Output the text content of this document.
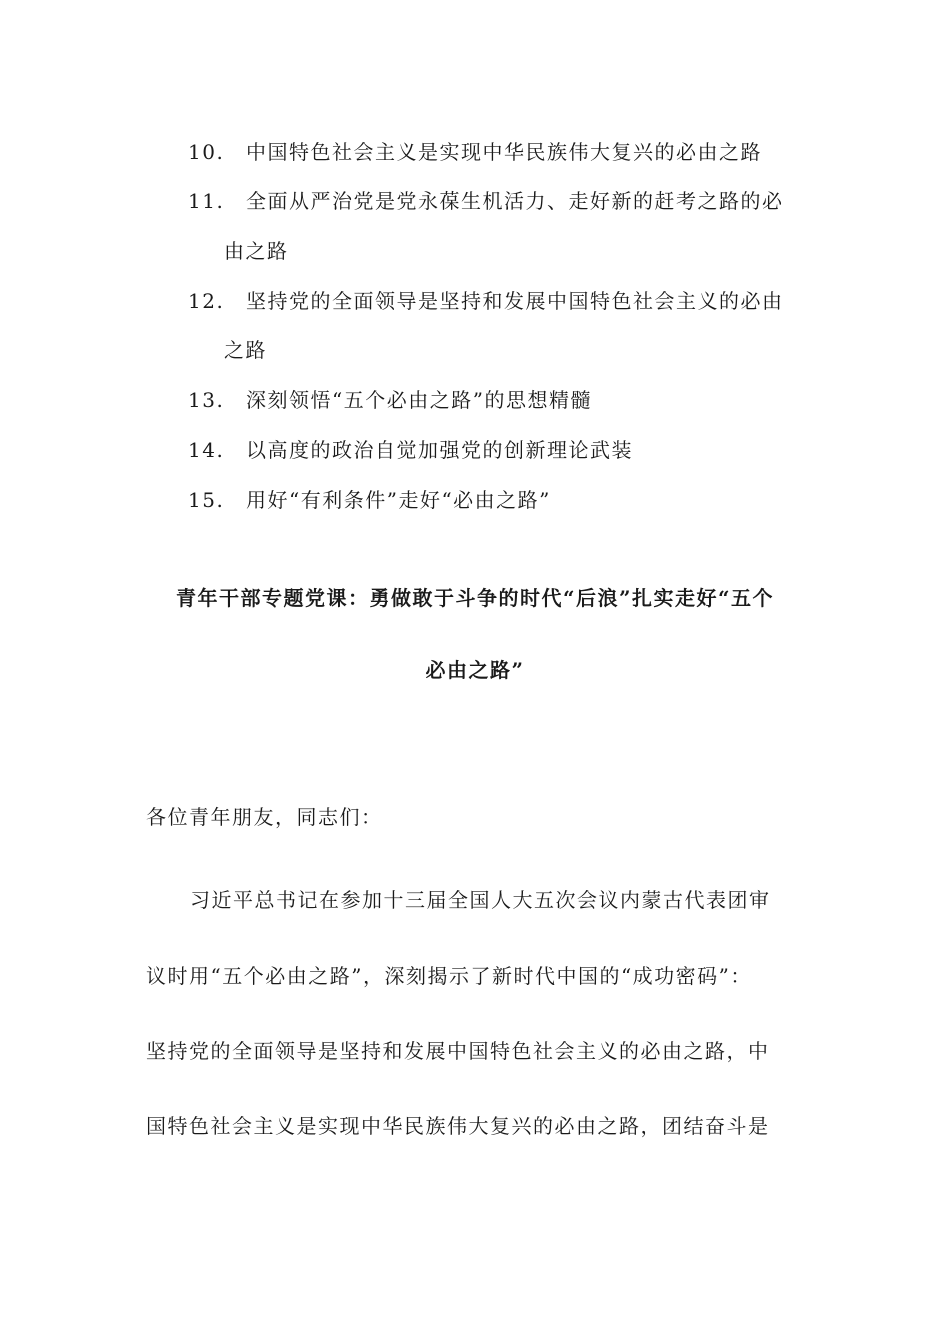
10. 中国特色社会主义是实现中华民族伟大复兴的必由之路
11. 全面从严治党是党永葆生机活力、走好新的赶考之路的必
由之路
12. 坚持党的全面领导是坚持和发展中国特色社会主义的必由
之路
13. 深刻领悟“五个必由之路”的思想精髓
14. 以高度的政治自觉加强党的创新理论武装
15. 用好“有利条件”走好“必由之路”
青年干部专题党课：勇做敢于斗争的时代“后浪”扎实走好“五个
必由之路”
各位青年朋友，同志们：
习近平总书记在参加十三届全国人大五次会议内蒙古代表团审
议时用“五个必由之路”，深刻揭示了新时代中国的“成功密码”：
坚持党的全面领导是坚持和发展中国特色社会主义的必由之路，中
国特色社会主义是实现中华民族伟大复兴的必由之路，团结奋斗是
